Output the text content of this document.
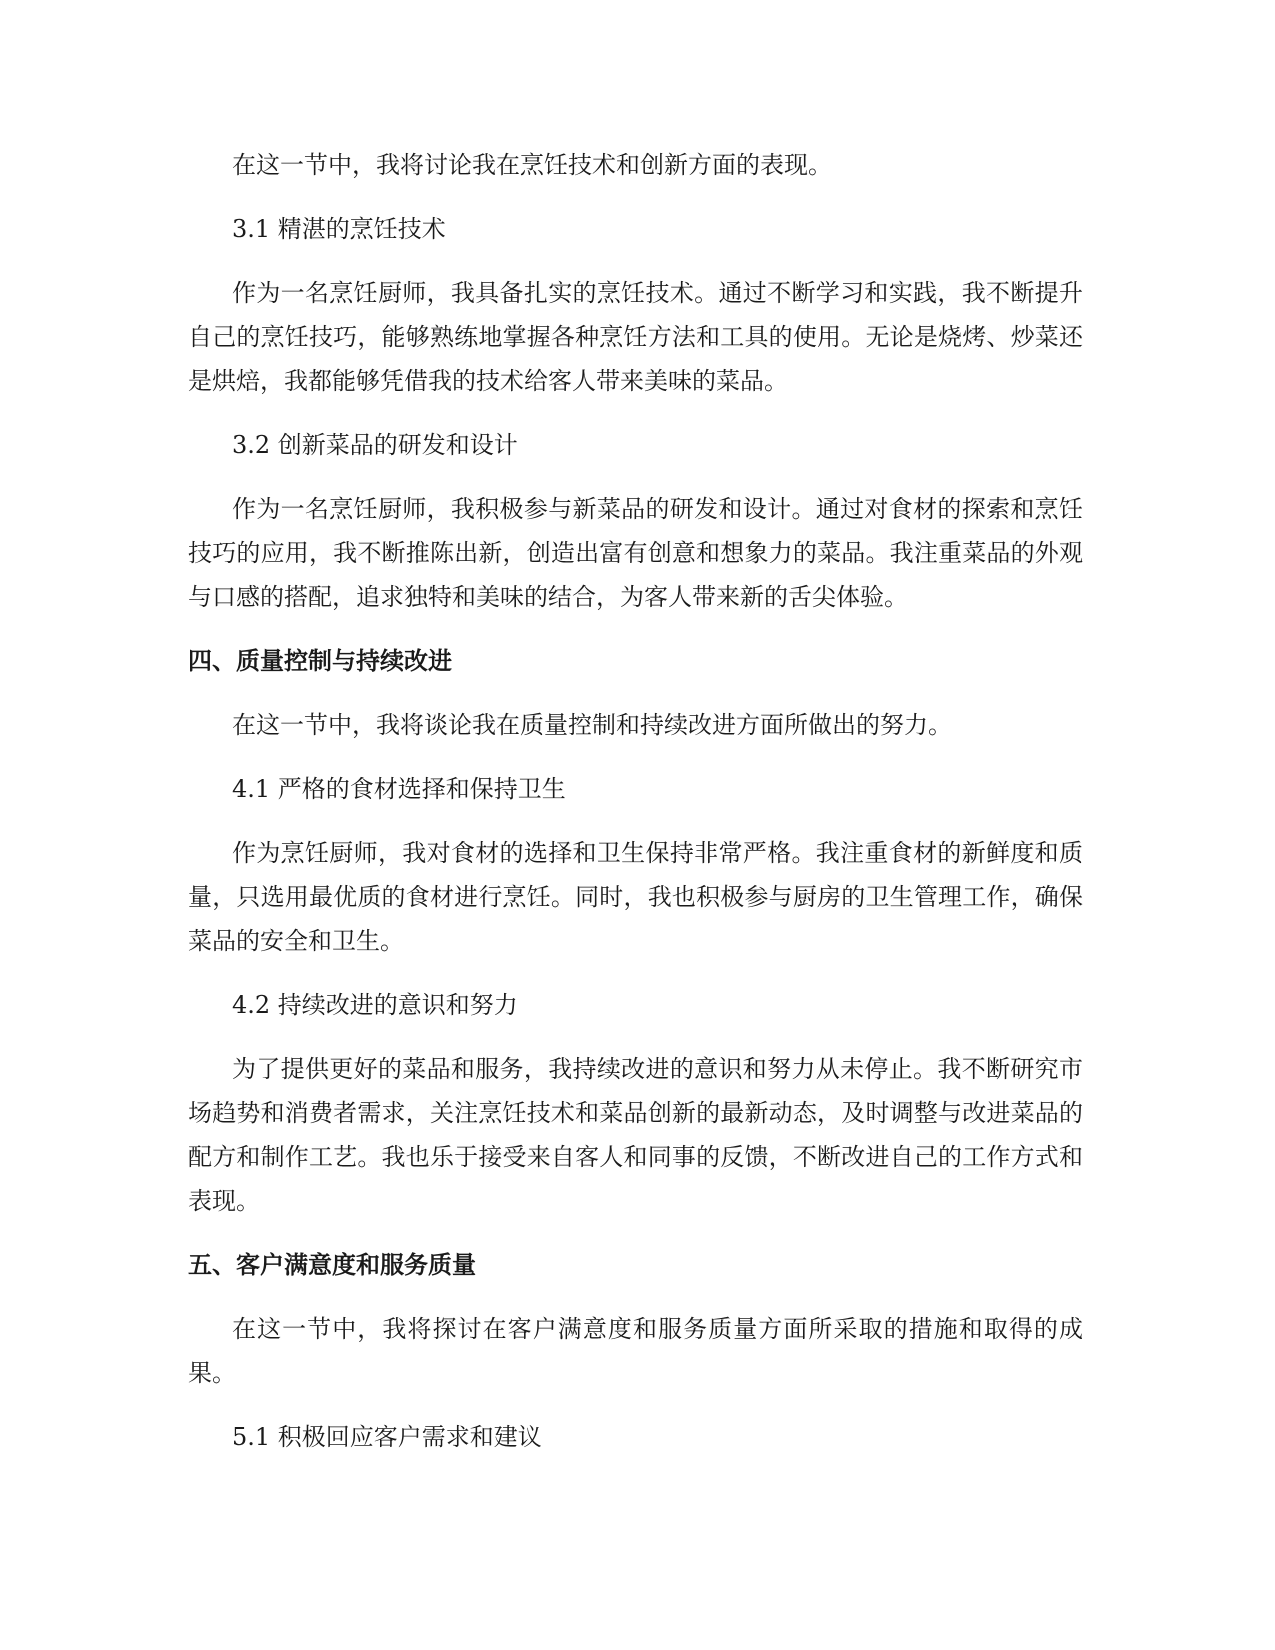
在这一节中，我将讨论我在烹饪技术和创新方面的表现。

3.1 精湛的烹饪技术

作为一名烹饪厨师，我具备扎实的烹饪技术。通过不断学习和实践，我不断提升自己的烹饪技巧，能够熟练地掌握各种烹饪方法和工具的使用。无论是烧烤、炒菜还是烘焙，我都能够凭借我的技术给客人带来美味的菜品。

3.2 创新菜品的研发和设计

作为一名烹饪厨师，我积极参与新菜品的研发和设计。通过对食材的探索和烹饪技巧的应用，我不断推陈出新，创造出富有创意和想象力的菜品。我注重菜品的外观与口感的搭配，追求独特和美味的结合，为客人带来新的舌尖体验。

四、质量控制与持续改进

在这一节中，我将谈论我在质量控制和持续改进方面所做出的努力。

4.1 严格的食材选择和保持卫生

作为烹饪厨师，我对食材的选择和卫生保持非常严格。我注重食材的新鲜度和质量，只选用最优质的食材进行烹饪。同时，我也积极参与厨房的卫生管理工作，确保菜品的安全和卫生。

4.2 持续改进的意识和努力

为了提供更好的菜品和服务，我持续改进的意识和努力从未停止。我不断研究市场趋势和消费者需求，关注烹饪技术和菜品创新的最新动态，及时调整与改进菜品的配方和制作工艺。我也乐于接受来自客人和同事的反馈，不断改进自己的工作方式和表现。

五、客户满意度和服务质量

在这一节中，我将探讨在客户满意度和服务质量方面所采取的措施和取得的成果。

5.1 积极回应客户需求和建议
